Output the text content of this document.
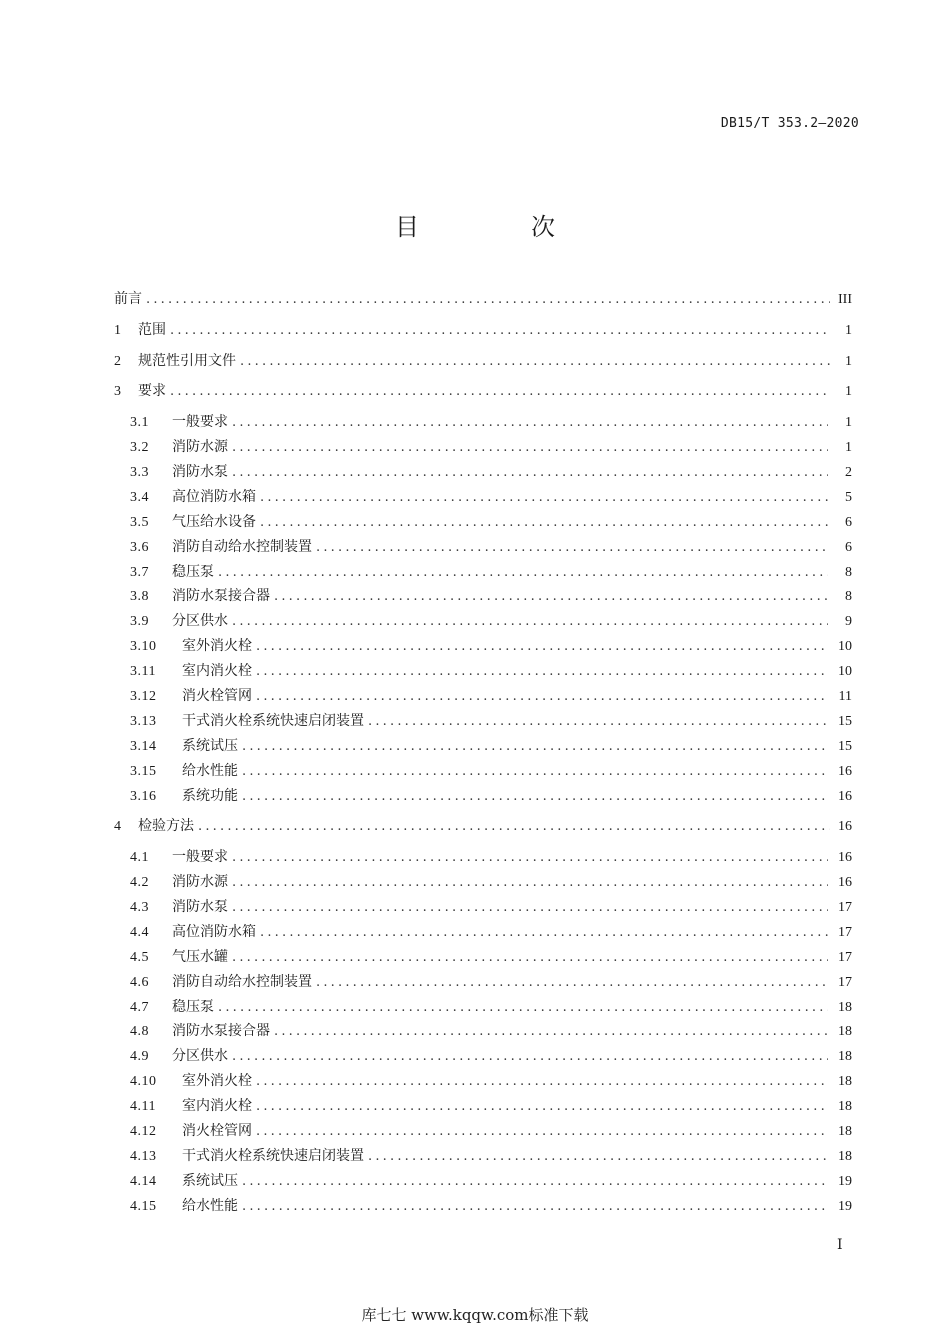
DB15/T 353.2—2020
目　次
前言 .....	III
1	范围 .....	1
2	规范性引用文件 .....	1
3	要求 .....	1
3.1	一般要求 .....	1
3.2	消防水源 .....	1
3.3	消防水泵 .....	2
3.4	高位消防水箱 .....	5
3.5	气压给水设备 .....	6
3.6	消防自动给水控制装置 .....	6
3.7	稳压泵 .....	8
3.8	消防水泵接合器 .....	8
3.9	分区供水 .....	9
3.10	室外消火栓 .....	10
3.11	室内消火栓 .....	10
3.12	消火栓管网 .....	11
3.13	干式消火栓系统快速启闭装置 .....	15
3.14	系统试压 .....	15
3.15	给水性能 .....	16
3.16	系统功能 .....	16
4	检验方法 .....	16
4.1	一般要求 .....	16
4.2	消防水源 .....	16
4.3	消防水泵 .....	17
4.4	高位消防水箱 .....	17
4.5	气压水罐 .....	17
4.6	消防自动给水控制装置 .....	17
4.7	稳压泵 .....	18
4.8	消防水泵接合器 .....	18
4.9	分区供水 .....	18
4.10	室外消火栓 .....	18
4.11	室内消火栓 .....	18
4.12	消火栓管网 .....	18
4.13	干式消火栓系统快速启闭装置 .....	18
4.14	系统试压 .....	19
4.15	给水性能 .....	19
I
库七七 www.kqqw.com标准下载
